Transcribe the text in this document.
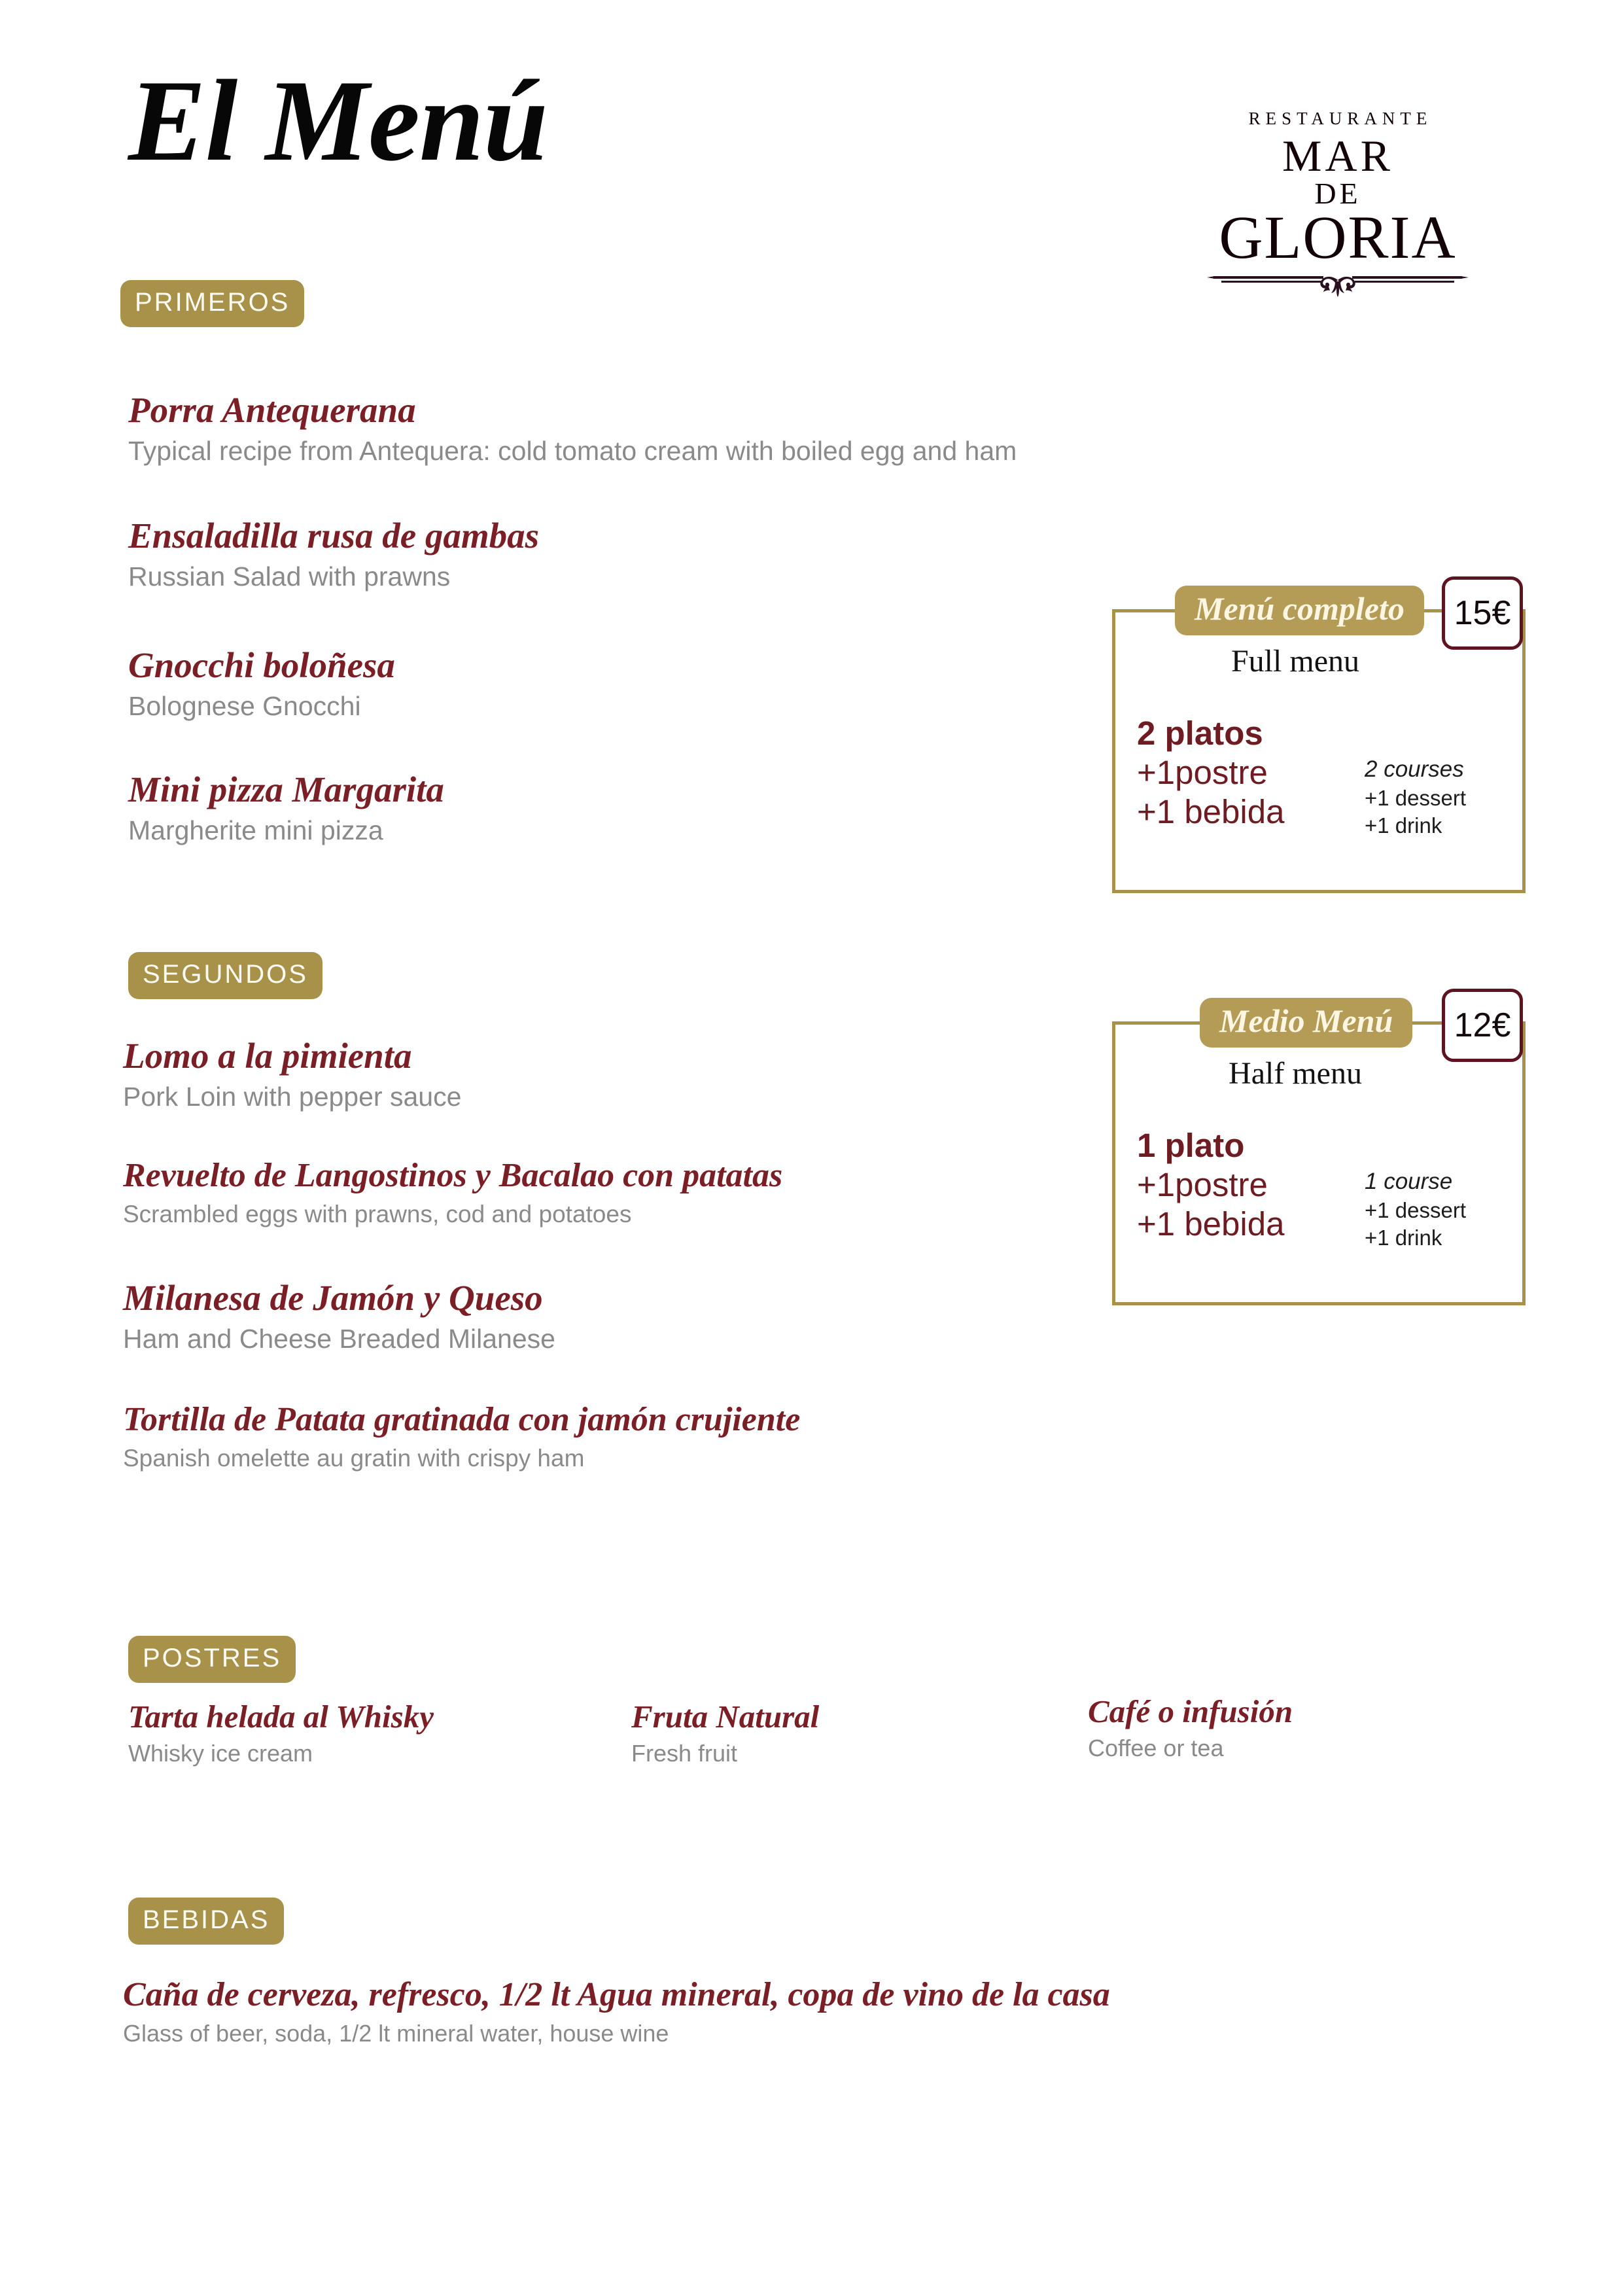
El Menú	RESTAURANTE
MAR
DE
GLORIA
PRIMEROS
Porra Antequerana
Typical recipe from Antequera: cold tomato cream with boiled egg and ham
Ensaladilla rusa de gambas
Russian Salad with prawns
Gnocchi boloñesa
Bolognese Gnocchi
Mini pizza Margarita
Margherite mini pizza
Menú completo	15€
Full menu
2 platos
+1postre
+1 bebida
2 courses
+1 dessert
+1 drink
SEGUNDOS
Lomo a la pimienta
Pork Loin with pepper sauce
Revuelto de Langostinos y Bacalao con patatas
Scrambled eggs with prawns, cod and potatoes
Milanesa de Jamón y Queso
Ham and Cheese Breaded Milanese
Tortilla de Patata gratinada con jamón crujiente
Spanish omelette au gratin with crispy ham
Medio Menú	12€
Half menu
1 plato
+1postre
+1 bebida
1 course
+1 dessert
+1 drink
POSTRES
Tarta helada al Whisky
Whisky ice cream
Fruta Natural
Fresh fruit
Café o infusión
Coffee or tea
BEBIDAS
Caña de cerveza, refresco, 1/2 lt Agua mineral, copa de vino de la casa
Glass of beer, soda, 1/2 lt mineral water, house wine
